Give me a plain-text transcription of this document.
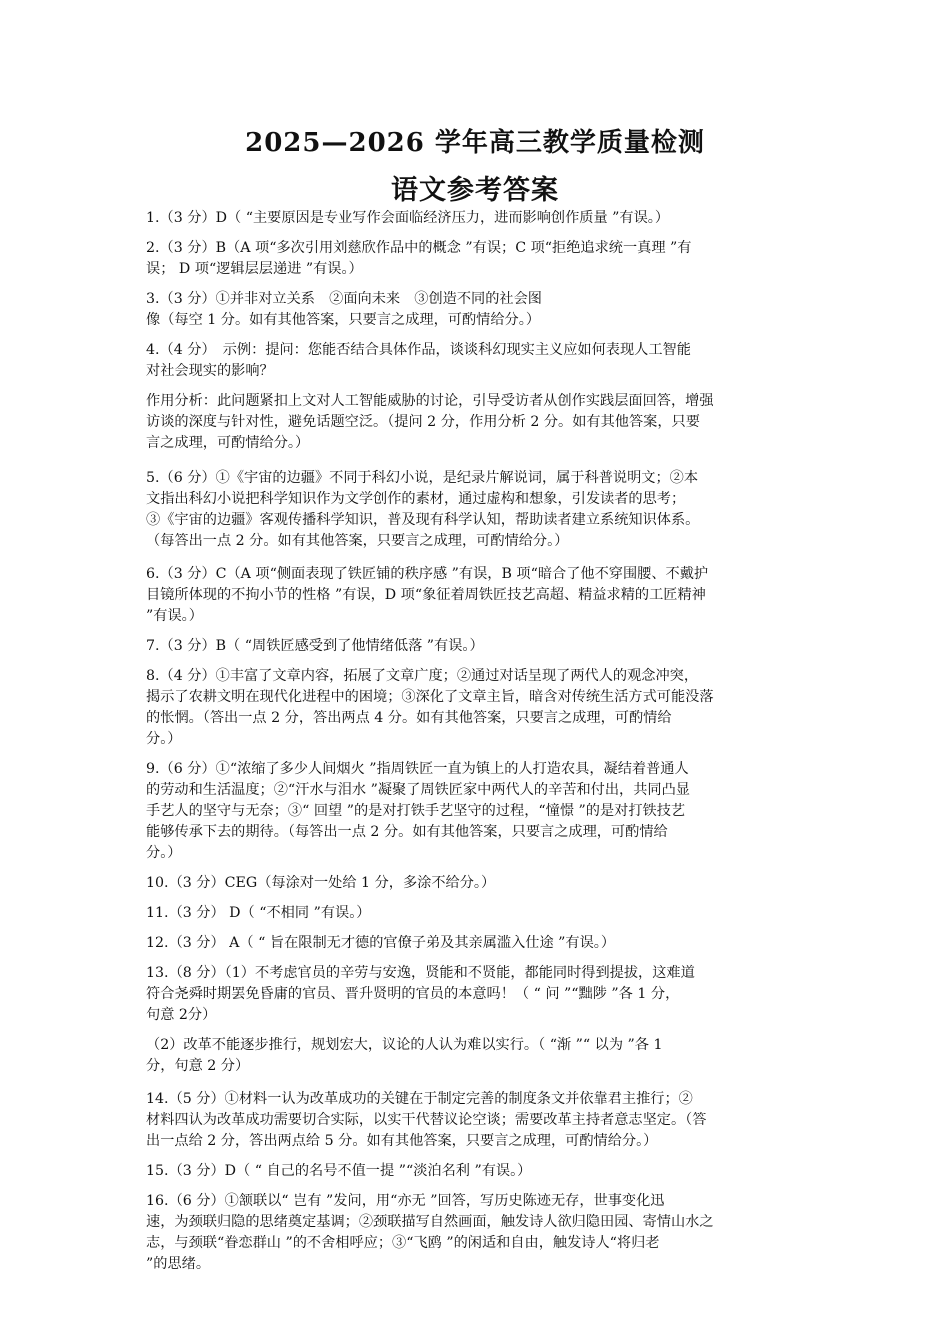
2025—2026 学年高三教学质量检测
语文参考答案

1.（3 分）D（ “主要原因是专业写作会面临经济压力，进而影响创作质量 ”有误。）

2.（3 分）B（A 项“多次引用刘慈欣作品中的概念 ”有误；C 项“拒绝追求统一真理 ”有
误； D 项“逻辑层层递进 ”有误。）

3.（3 分）①并非对立关系　②面向未来　③创造不同的社会图
像（每空 1 分。如有其他答案，只要言之成理，可酌情给分。）

4.（4 分）　示例：提问：您能否结合具体作品，谈谈科幻现实主义应如何表现人工智能
对社会现实的影响？

作用分析：此问题紧扣上文对人工智能威胁的讨论，引导受访者从创作实践层面回答，增强
访谈的深度与针对性，避免话题空泛。（提问 2 分，作用分析 2 分。如有其他答案，只要
言之成理，可酌情给分。）

5.（6 分）①《宇宙的边疆》不同于科幻小说，是纪录片解说词，属于科普说明文；②本
文指出科幻小说把科学知识作为文学创作的素材，通过虚构和想象，引发读者的思考；
③《宇宙的边疆》客观传播科学知识，普及现有科学认知，帮助读者建立系统知识体系。
（每答出一点 2 分。如有其他答案，只要言之成理，可酌情给分。）

6.（3 分）C（A 项“侧面表现了铁匠铺的秩序感 ”有误，B 项“暗合了他不穿围腰、不戴护
目镜所体现的不拘小节的性格 ”有误，D 项“象征着周铁匠技艺高超、精益求精的工匠精神
”有误。）

7.（3 分）B（ “周铁匠感受到了他情绪低落 ”有误。）

8.（4 分）①丰富了文章内容，拓展了文章广度；②通过对话呈现了两代人的观念冲突，
揭示了农耕文明在现代化进程中的困境；③深化了文章主旨，暗含对传统生活方式可能没落
的怅惘。（答出一点 2 分，答出两点 4 分。如有其他答案，只要言之成理，可酌情给
分。）

9.（6 分）①“浓缩了多少人间烟火 ”指周铁匠一直为镇上的人打造农具，凝结着普通人
的劳动和生活温度；②“汗水与泪水 ”凝聚了周铁匠家中两代人的辛苦和付出，共同凸显
手艺人的坚守与无奈；③“ 回望 ”的是对打铁手艺坚守的过程，“憧憬 ”的是对打铁技艺
能够传承下去的期待。（每答出一点 2 分。如有其他答案，只要言之成理，可酌情给
分。）

10.（3 分）CEG（每涂对一处给 1 分，多涂不给分。）

11.（3 分） D（ “不相同 ”有误。）

12.（3 分） A（ “ 旨在限制无才德的官僚子弟及其亲属滥入仕途 ”有误。）

13.（8 分）（1）不考虑官员的辛劳与安逸，贤能和不贤能，都能同时得到提拔，这难道
符合尧舜时期罢免昏庸的官员、晋升贤明的官员的本意吗！（ “ 问 ”“黜陟 ”各 1 分，
句意 2分）

（2）改革不能逐步推行，规划宏大，议论的人认为难以实行。（ “渐 ”“ 以为 ”各 1
分，句意 2 分）

14.（5 分）①材料一认为改革成功的关键在于制定完善的制度条文并依靠君主推行；②
材料四认为改革成功需要切合实际，以实干代替议论空谈；需要改革主持者意志坚定。（答
出一点给 2 分，答出两点给 5 分。如有其他答案，只要言之成理，可酌情给分。）

15.（3 分）D（ “ 自己的名号不值一提 ”“淡泊名利 ”有误。）

16.（6 分）①颔联以“ 岂有 ”发问，用“亦无 ”回答，写历史陈迹无存，世事变化迅
速，为颈联归隐的思绪奠定基调；②颈联描写自然画面，触发诗人欲归隐田园、寄情山水之
志，与颈联“眷恋群山 ”的不舍相呼应；③“飞鸥 ”的闲适和自由，触发诗人“将归老
”的思绪。
